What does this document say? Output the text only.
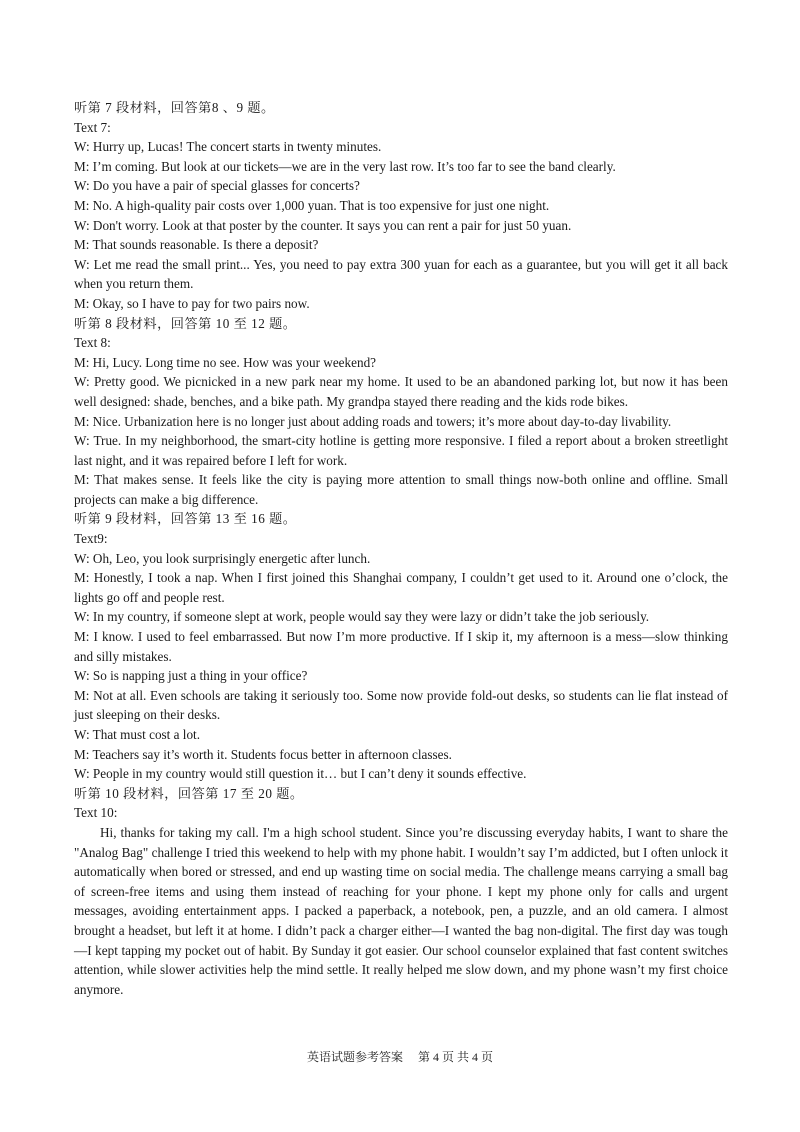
听第 7 段材料，回答第8 、9 题。

Text 7:

W: Hurry up, Lucas! The concert starts in twenty minutes.

M: I’m coming. But look at our tickets—we are in the very last row. It’s too far to see the band clearly.

W: Do you have a pair of special glasses for concerts?

M: No. A high-quality pair costs over 1,000 yuan. That is too expensive for just one night.

W: Don't worry. Look at that poster by the counter. It says you can rent a pair for just 50 yuan.

M: That sounds reasonable. Is there a deposit?

W: Let me read the small print... Yes, you need to pay extra 300 yuan for each as a guarantee, but you will get it all back when you return them.

M: Okay, so I have to pay for two pairs now.

听第 8 段材料，回答第 10 至 12 题。

Text 8:

M: Hi, Lucy. Long time no see. How was your weekend?

W: Pretty good. We picnicked in a new park near my home. It used to be an abandoned parking lot, but now it has been well designed: shade, benches, and a bike path. My grandpa stayed there reading and the kids rode bikes.

M: Nice. Urbanization here is no longer just about adding roads and towers; it’s more about day-to-day livability.

W: True. In my neighborhood, the smart-city hotline is getting more responsive. I filed a report about a broken streetlight last night, and it was repaired before I left for work.

M: That makes sense. It feels like the city is paying more attention to small things now-both online and offline. Small projects can make a big difference.

听第 9 段材料，回答第 13 至 16 题。

Text9:

W: Oh, Leo, you look surprisingly energetic after lunch.

M: Honestly, I took a nap. When I first joined this Shanghai company, I couldn’t get used to it. Around one o’clock, the lights go off and people rest.

W: In my country, if someone slept at work, people would say they were lazy or didn’t take the job seriously.

M: I know. I used to feel embarrassed. But now I’m more productive. If I skip it, my afternoon is a mess—slow thinking and silly mistakes.

W: So is napping just a thing in your office?

M: Not at all. Even schools are taking it seriously too. Some now provide fold-out desks, so students can lie flat instead of just sleeping on their desks.

W: That must cost a lot.

M: Teachers say it’s worth it. Students focus better in afternoon classes.

W: People in my country would still question it… but I can’t deny it sounds effective.

听第 10 段材料，回答第 17 至 20 题。

Text 10:

Hi, thanks for taking my call. I'm a high school student. Since you’re discussing everyday habits, I want to share the "Analog Bag" challenge I tried this weekend to help with my phone habit. I wouldn’t say I’m addicted, but I often unlock it automatically when bored or stressed, and end up wasting time on social media. The challenge means carrying a small bag of screen-free items and using them instead of reaching for your phone. I kept my phone only for calls and urgent messages, avoiding entertainment apps. I packed a paperback, a notebook, pen, a puzzle, and an old camera. I almost brought a headset, but left it at home. I didn’t pack a charger either—I wanted the bag non-digital. The first day was tough—I kept tapping my pocket out of habit. By Sunday it got easier. Our school counselor explained that fast content switches attention, while slower activities help the mind settle. It really helped me slow down, and my phone wasn’t my first choice anymore.

英语试题参考答案　 第 4 页 共 4 页
